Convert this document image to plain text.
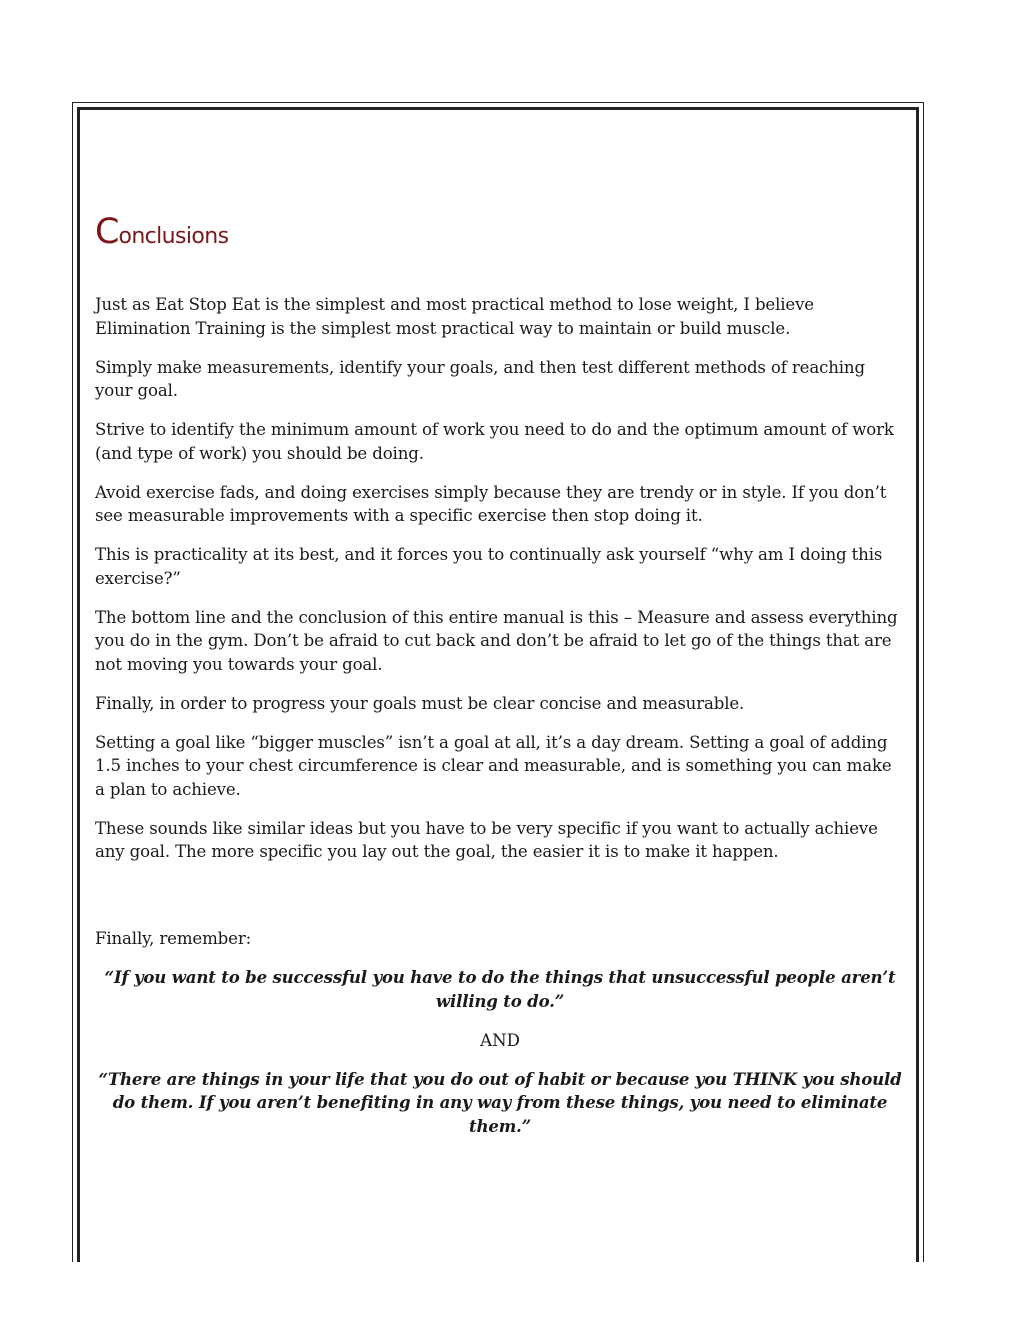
Conclusions

Just as Eat Stop Eat is the simplest and most practical method to lose weight, I believe Elimination Training is the simplest most practical way to maintain or build muscle.

Simply make measurements, identify your goals, and then test different methods of reaching your goal.

Strive to identify the minimum amount of work you need to do and the optimum amount of work (and type of work) you should be doing.

Avoid exercise fads, and doing exercises simply because they are trendy or in style. If you don’t see measurable improvements with a specific exercise then stop doing it.

This is practicality at its best, and it forces you to continually ask yourself “why am I doing this exercise?”

The bottom line and the conclusion of this entire manual is this – Measure and assess everything you do in the gym. Don’t be afraid to cut back and don’t be afraid to let go of the things that are not moving you towards your goal.

Finally, in order to progress your goals must be clear concise and measurable.

Setting a goal like “bigger muscles” isn’t a goal at all, it’s a day dream. Setting a goal of adding 1.5 inches to your chest circumference is clear and measurable, and is something you can make a plan to achieve.

These sounds like similar ideas but you have to be very specific if you want to actually achieve any goal. The more specific you lay out the goal, the easier it is to make it happen.

Finally, remember:

“If you want to be successful you have to do the things that unsuccessful people aren’t willing to do.”

AND

“There are things in your life that you do out of habit or because you THINK you should do them. If you aren’t benefiting in any way from these things, you need to eliminate them.”
